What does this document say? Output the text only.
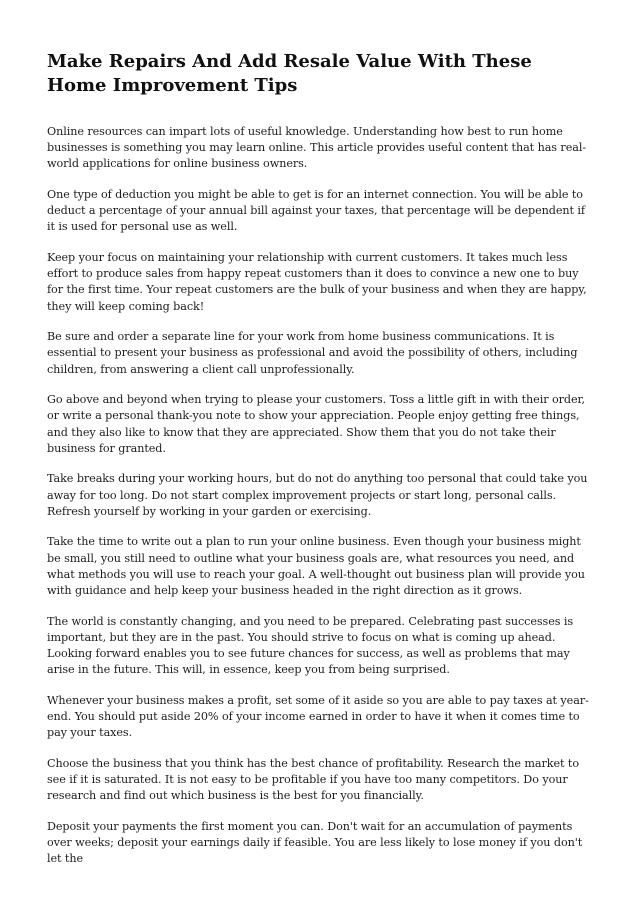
Make Repairs And Add Resale Value With These Home Improvement Tips

Online resources can impart lots of useful knowledge. Understanding how best to run home businesses is something you may learn online. This article provides useful content that has real-world applications for online business owners.

One type of deduction you might be able to get is for an internet connection. You will be able to deduct a percentage of your annual bill against your taxes, that percentage will be dependent if it is used for personal use as well.

Keep your focus on maintaining your relationship with current customers. It takes much less effort to produce sales from happy repeat customers than it does to convince a new one to buy for the first time. Your repeat customers are the bulk of your business and when they are happy, they will keep coming back!

Be sure and order a separate line for your work from home business communications. It is essential to present your business as professional and avoid the possibility of others, including children, from answering a client call unprofessionally.

Go above and beyond when trying to please your customers. Toss a little gift in with their order, or write a personal thank-you note to show your appreciation. People enjoy getting free things, and they also like to know that they are appreciated. Show them that you do not take their business for granted.

Take breaks during your working hours, but do not do anything too personal that could take you away for too long. Do not start complex improvement projects or start long, personal calls. Refresh yourself by working in your garden or exercising.

Take the time to write out a plan to run your online business. Even though your business might be small, you still need to outline what your business goals are, what resources you need, and what methods you will use to reach your goal. A well-thought out business plan will provide you with guidance and help keep your business headed in the right direction as it grows.

The world is constantly changing, and you need to be prepared. Celebrating past successes is important, but they are in the past. You should strive to focus on what is coming up ahead. Looking forward enables you to see future chances for success, as well as problems that may arise in the future. This will, in essence, keep you from being surprised.

Whenever your business makes a profit, set some of it aside so you are able to pay taxes at year-end. You should put aside 20% of your income earned in order to have it when it comes time to pay your taxes.

Choose the business that you think has the best chance of profitability. Research the market to see if it is saturated. It is not easy to be profitable if you have too many competitors. Do your research and find out which business is the best for you financially.

Deposit your payments the first moment you can. Don't wait for an accumulation of payments over weeks; deposit your earnings daily if feasible. You are less likely to lose money if you don't let the
